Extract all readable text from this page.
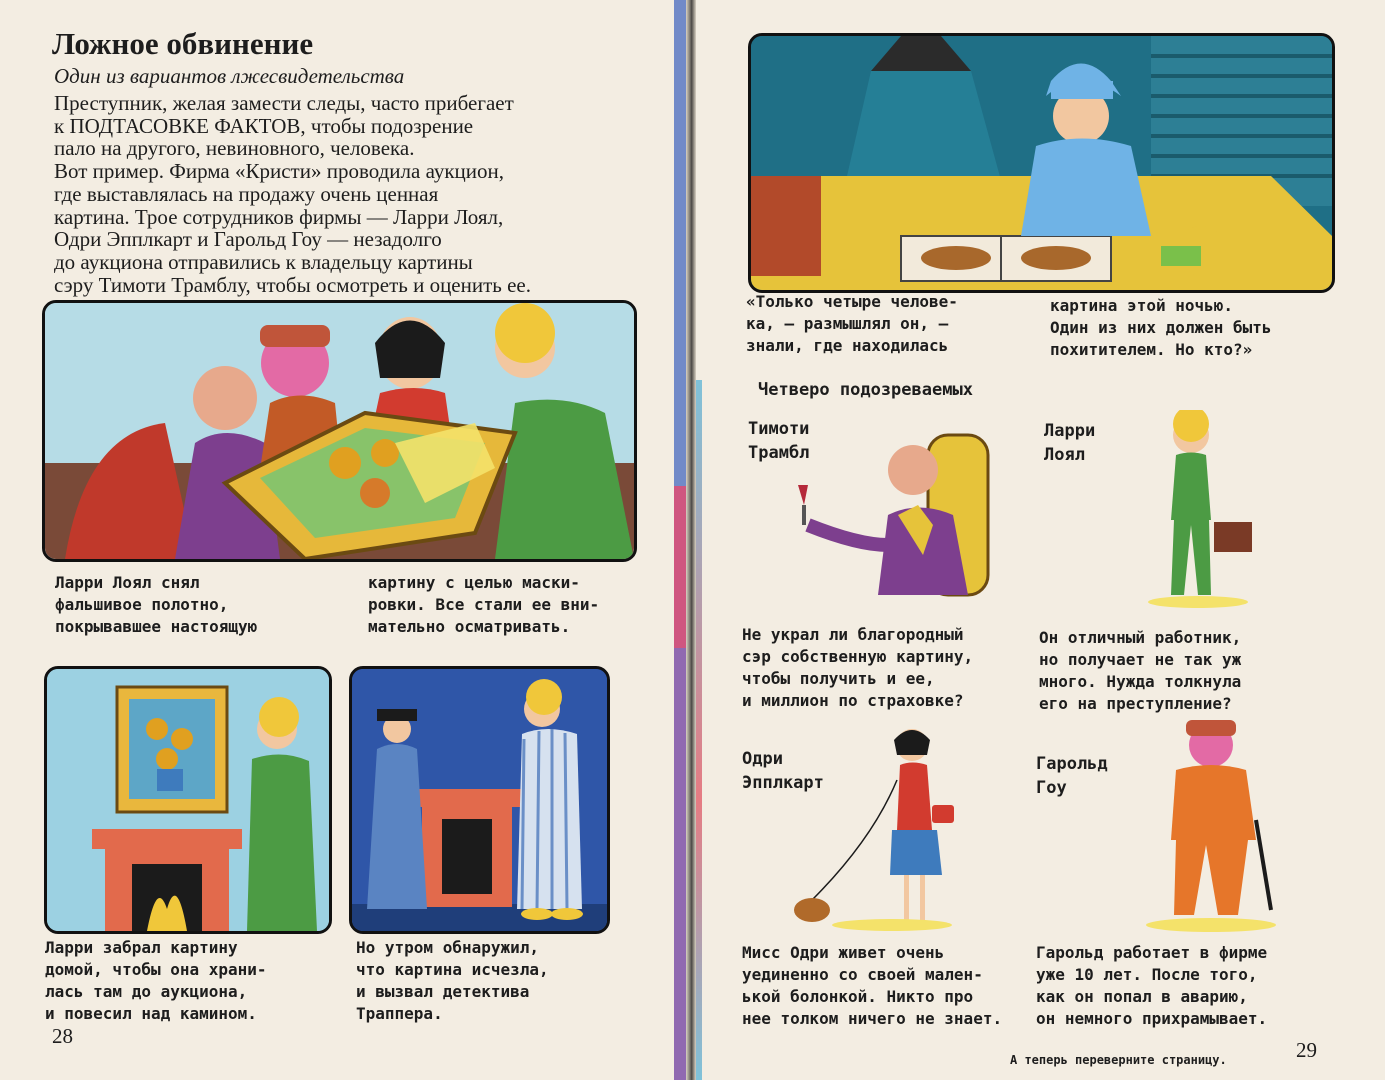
Ложное обвинение
Один из вариантов лжесвидетельства
Преступник, желая замести следы, часто прибегает
к ПОДТАСОВКЕ ФАКТОВ, чтобы подозрение
пало на другого, невиновного, человека.
Вот пример. Фирма «Кристи» проводила аукцион,
где выставлялась на продажу очень ценная
картина. Трое сотрудников фирмы — Ларри Лоял,
Одри Эпплкарт и Гарольд Гоу — незадолго
до аукциона отправились к владельцу картины
сэру Тимоти Трамблу, чтобы осмотреть и оценить ее.
Ларри Лоял снял
фальшивое полотно,
покрывавшее настоящую
картину с целью маски-
ровки. Все стали ее вни-
мательно осматривать.
Ларри забрал картину
домой, чтобы она храни-
лась там до аукциона,
и повесил над камином.
Но утром обнаружил,
что картина исчезла,
и вызвал детектива
Траппера.
28
«Только четыре челове-
ка, — размышлял он, —
знали, где находилась
картина этой ночью.
Один из них должен быть
похитителем. Но кто?»
Четверо подозреваемых
Тимоти
Трамбл
Не украл ли благородный
сэр собственную картину,
чтобы получить и ее,
и миллион по страховке?
Ларри
Лоял
Он отличный работник,
но получает не так уж
много. Нужда толкнула
его на преступление?
Одри
Эпплкарт
Мисс Одри живет очень
уединенно со своей мален-
ькой болонкой. Никто про
нее толком ничего не знает.
Гарольд
Гоу
Гарольд работает в фирме
уже 10 лет. После того,
как он попал в аварию,
он немного прихрамывает.
А теперь переверните страницу.	29
